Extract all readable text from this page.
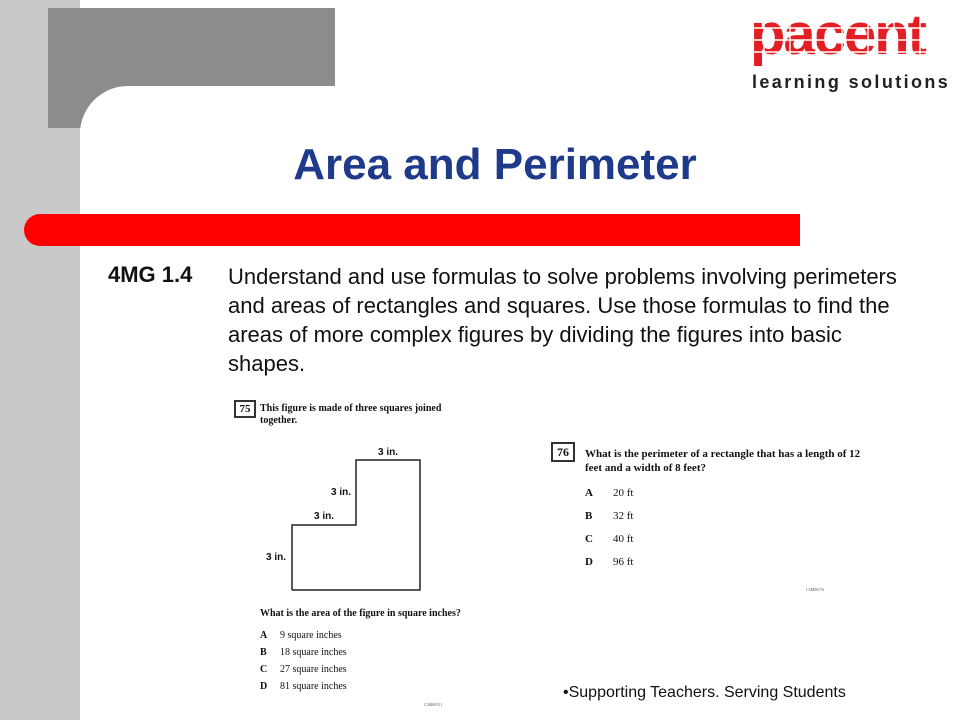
learning solutions
Area and Perimeter
4MG 1.4 Understand and use formulas to solve problems involving perimeters and areas of rectangles and squares. Use those formulas to find the areas of more complex figures by dividing the figures into basic shapes.
75 This figure is made of three squares joined together.
3 in.
3 in.
3 in.
3 in.
What is the area of the figure in square inches?
A 9 square inches
B 18 square inches
C 27 square inches
D 81 square inches
C3M00151
76	What is the perimeter of a rectangle that has a length of 12 feet and a width of 8 feet?
A 20 ft
B 32 ft
C 40 ft
D 96 ft
C3M00176
•Supporting Teachers. Serving Students
